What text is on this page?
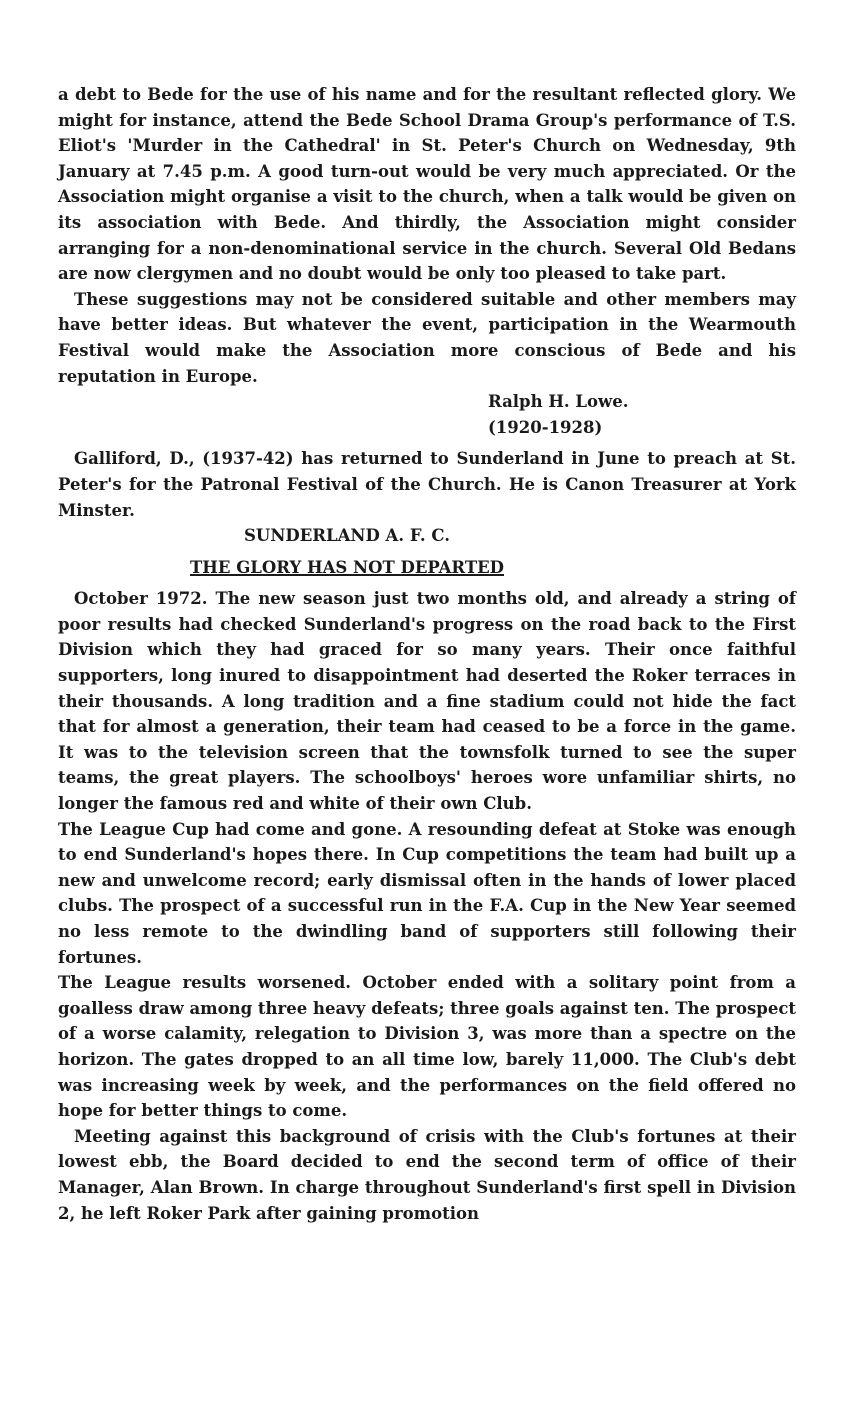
a debt to Bede for the use of his name and for the resultant reflected glory. We might for instance, attend the Bede School Drama Group's performance of T.S. Eliot's 'Murder in the Cathedral' in St. Peter's Church on Wednesday, 9th January at 7.45 p.m. A good turn-out would be very much appreciated. Or the Association might organise a visit to the church, when a talk would be given on its association with Bede. And thirdly, the Association might consider arranging for a non-denominational service in the church. Several Old Bedans are now clergymen and no doubt would be only too pleased to take part.

These suggestions may not be considered suitable and other members may have better ideas. But whatever the event, participation in the Wearmouth Festival would make the Association more conscious of Bede and his reputation in Europe.

Ralph H. Lowe.

(1920-1928)

Galliford, D., (1937-42) has returned to Sunderland in June to preach at St. Peter's for the Patronal Festival of the Church. He is Canon Treasurer at York Minster.

SUNDERLAND A. F. C.

THE GLORY HAS NOT DEPARTED

October 1972. The new season just two months old, and already a string of poor results had checked Sunderland's progress on the road back to the First Division which they had graced for so many years. Their once faithful supporters, long inured to disappointment had deserted the Roker terraces in their thousands. A long tradition and a fine stadium could not hide the fact that for almost a generation, their team had ceased to be a force in the game. It was to the television screen that the townsfolk turned to see the super teams, the great players. The schoolboys' heroes wore unfamiliar shirts, no longer the famous red and white of their own Club.

The League Cup had come and gone. A resounding defeat at Stoke was enough to end Sunderland's hopes there. In Cup competitions the team had built up a new and unwelcome record; early dismissal often in the hands of lower placed clubs. The prospect of a successful run in the F.A. Cup in the New Year seemed no less remote to the dwindling band of supporters still following their fortunes.

The League results worsened. October ended with a solitary point from a goalless draw among three heavy defeats; three goals against ten. The prospect of a worse calamity, relegation to Division 3, was more than a spectre on the horizon. The gates dropped to an all time low, barely 11,000. The Club's debt was increasing week by week, and the performances on the field offered no hope for better things to come.

Meeting against this background of crisis with the Club's fortunes at their lowest ebb, the Board decided to end the second term of office of their Manager, Alan Brown. In charge throughout Sunderland's first spell in Division 2, he left Roker Park after gaining promotion
